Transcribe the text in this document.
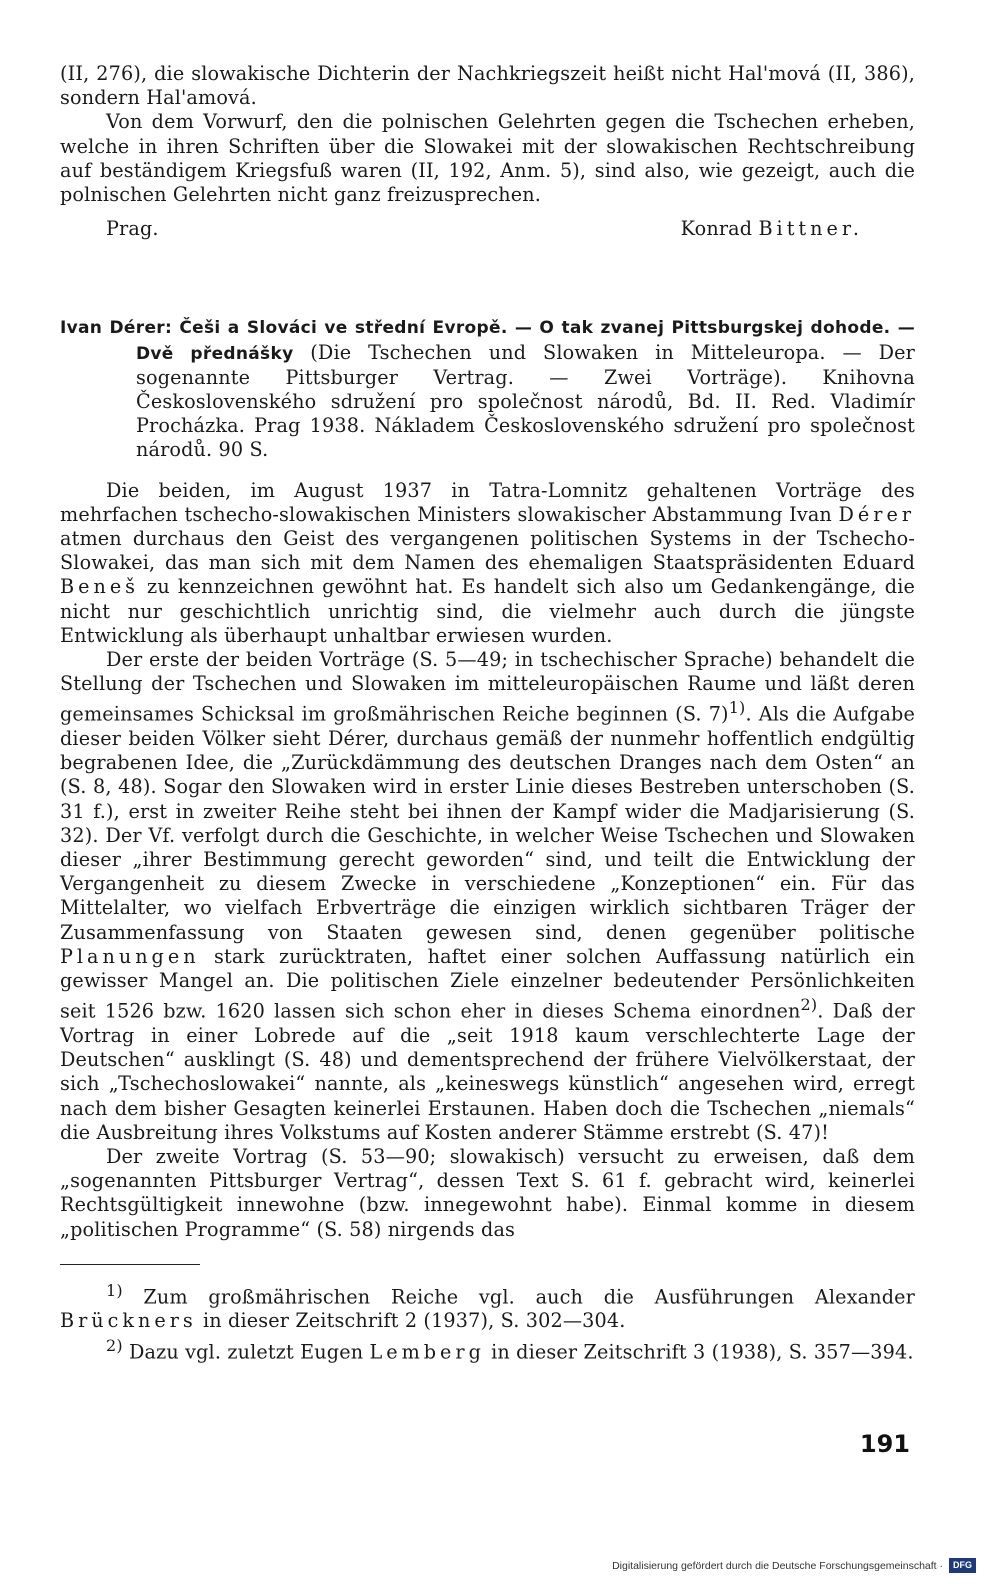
(II, 276), die slowakische Dichterin der Nachkriegszeit heißt nicht Hal'mová (II, 386), sondern Hal'amová.

Von dem Vorwurf, den die polnischen Gelehrten gegen die Tschechen erheben, welche in ihren Schriften über die Slowakei mit der slowakischen Rechtschreibung auf beständigem Kriegsfuß waren (II, 192, Anm. 5), sind also, wie gezeigt, auch die polnischen Gelehrten nicht ganz freizusprechen.

Prag.	Konrad Bittner.

Ivan Dérer: Češi a Slováci ve střední Evropě. — O tak zvanej Pittsburgskej dohode. — Dvě přednášky (Die Tschechen und Slowaken in Mitteleuropa. — Der sogenannte Pittsburger Vertrag. — Zwei Vorträge). Knihovna Československého sdružení pro společnost národů, Bd. II. Red. Vladimír Procházka. Prag 1938. Nákladem Československého sdružení pro společnost národů. 90 S.

Die beiden, im August 1937 in Tatra-Lomnitz gehaltenen Vorträge des mehrfachen tschecho-slowakischen Ministers slowakischer Abstammung Ivan Dérer atmen durchaus den Geist des vergangenen politischen Systems in der Tschecho-Slowakei, das man sich mit dem Namen des ehemaligen Staatspräsidenten Eduard Beneš zu kennzeichnen gewöhnt hat. Es handelt sich also um Gedankengänge, die nicht nur geschichtlich unrichtig sind, die vielmehr auch durch die jüngste Entwicklung als überhaupt unhaltbar erwiesen wurden.

Der erste der beiden Vorträge (S. 5—49; in tschechischer Sprache) behandelt die Stellung der Tschechen und Slowaken im mitteleuropäischen Raume und läßt deren gemeinsames Schicksal im großmährischen Reiche beginnen (S. 7)$^{1)}$. Als die Aufgabe dieser beiden Völker sieht Dérer, durchaus gemäß der nunmehr hoffentlich endgültig begrabenen Idee, die „Zurückdämmung des deutschen Dranges nach dem Osten“ an (S. 8, 48). Sogar den Slowaken wird in erster Linie dieses Bestreben unterschoben (S. 31 f.), erst in zweiter Reihe steht bei ihnen der Kampf wider die Madjarisierung (S. 32). Der Vf. verfolgt durch die Geschichte, in welcher Weise Tschechen und Slowaken dieser „ihrer Bestimmung gerecht geworden“ sind, und teilt die Entwicklung der Vergangenheit zu diesem Zwecke in verschiedene „Konzeptionen“ ein. Für das Mittelalter, wo vielfach Erbverträge die einzigen wirklich sichtbaren Träger der Zusammenfassung von Staaten gewesen sind, denen gegenüber politische Planungen stark zurücktraten, haftet einer solchen Auffassung natürlich ein gewisser Mangel an. Die politischen Ziele einzelner bedeutender Persönlichkeiten seit 1526 bzw. 1620 lassen sich schon eher in dieses Schema einordnen$^{2)}$. Daß der Vortrag in einer Lobrede auf die „seit 1918 kaum verschlechterte Lage der Deutschen“ ausklingt (S. 48) und dementsprechend der frühere Vielvölkerstaat, der sich „Tschechoslowakei“ nannte, als „keineswegs künstlich“ angesehen wird, erregt nach dem bisher Gesagten keinerlei Erstaunen. Haben doch die Tschechen „niemals“ die Ausbreitung ihres Volkstums auf Kosten anderer Stämme erstrebt (S. 47)!

Der zweite Vortrag (S. 53—90; slowakisch) versucht zu erweisen, daß dem „sogenannten Pittsburger Vertrag“, dessen Text S. 61 f. gebracht wird, keinerlei Rechtsgültigkeit innewohne (bzw. innegewohnt habe). Einmal komme in diesem „politischen Programme“ (S. 58) nirgends das

$^{1)}$ Zum großmährischen Reiche vgl. auch die Ausführungen Alexander Brückners in dieser Zeitschrift 2 (1937), S. 302—304.

$^{2)}$ Dazu vgl. zuletzt Eugen Lemberg in dieser Zeitschrift 3 (1938), S. 357—394.

191
Digitalisierung gefördert durch die Deutsche Forschungsgemeinschaft ·	DFG
